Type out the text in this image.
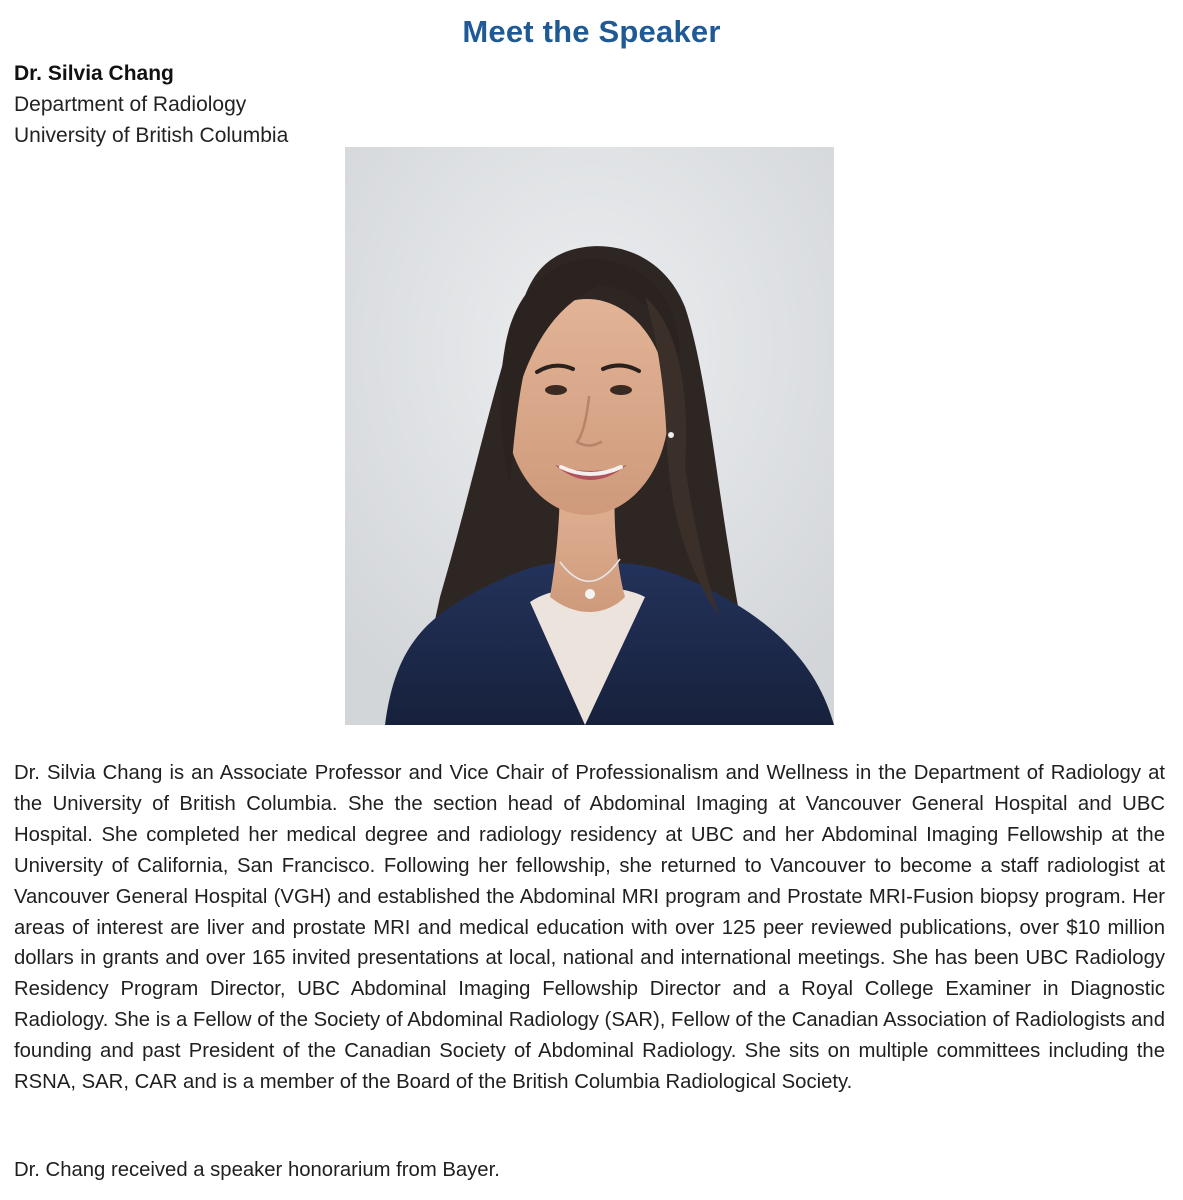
Meet the Speaker
Dr. Silvia Chang
Department of Radiology
University of British Columbia

Dr. Silvia Chang is an Associate Professor and Vice Chair of Professionalism and Wellness in the Department of Radiology at the University of British Columbia. She the section head of Abdominal Imaging at Vancouver General Hospital and UBC Hospital. She completed her medical degree and radiology residency at UBC and her Abdominal Imaging Fellowship at the University of California, San Francisco. Following her fellowship, she returned to Vancouver to become a staff radiologist at Vancouver General Hospital (VGH) and established the Abdominal MRI program and Prostate MRI-Fusion biopsy program. Her areas of interest are liver and prostate MRI and medical education with over 125 peer reviewed publications, over $10 million dollars in grants and over 165 invited presentations at local, national and international meetings. She has been UBC Radiology Residency Program Director, UBC Abdominal Imaging Fellowship Director and a Royal College Examiner in Diagnostic Radiology. She is a Fellow of the Society of Abdominal Radiology (SAR), Fellow of the Canadian Association of Radiologists and founding and past President of the Canadian Society of Abdominal Radiology. She sits on multiple committees including the RSNA, SAR, CAR and is a member of the Board of the British Columbia Radiological Society.

Dr. Chang received a speaker honorarium from Bayer.
